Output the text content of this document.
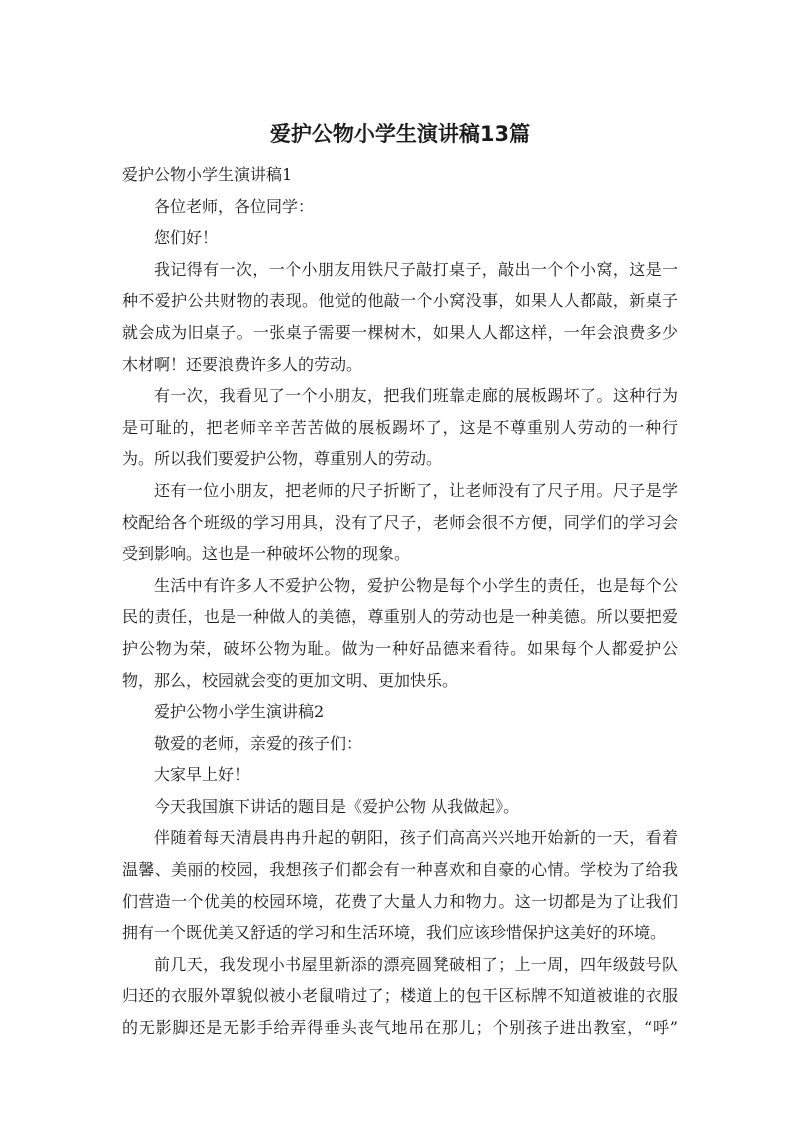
爱护公物小学生演讲稿13篇

爱护公物小学生演讲稿1

各位老师，各位同学：

您们好！

我记得有一次，一个小朋友用铁尺子敲打桌子，敲出一个个小窝，这是一种不爱护公共财物的表现。他觉的他敲一个小窝没事，如果人人都敲，新桌子就会成为旧桌子。一张桌子需要一棵树木，如果人人都这样，一年会浪费多少木材啊！还要浪费许多人的劳动。

有一次，我看见了一个小朋友，把我们班靠走廊的展板踢坏了。这种行为是可耻的，把老师辛辛苦苦做的展板踢坏了，这是不尊重别人劳动的一种行为。所以我们要爱护公物，尊重别人的劳动。

还有一位小朋友，把老师的尺子折断了，让老师没有了尺子用。尺子是学校配给各个班级的学习用具，没有了尺子，老师会很不方便，同学们的学习会受到影响。这也是一种破坏公物的现象。

生活中有许多人不爱护公物，爱护公物是每个小学生的责任，也是每个公民的责任，也是一种做人的美德，尊重别人的劳动也是一种美德。所以要把爱护公物为荣，破坏公物为耻。做为一种好品德来看待。如果每个人都爱护公物，那么，校园就会变的更加文明、更加快乐。

爱护公物小学生演讲稿2

敬爱的老师，亲爱的孩子们：

大家早上好！

今天我国旗下讲话的题目是《爱护公物 从我做起》。

伴随着每天清晨冉冉升起的朝阳，孩子们高高兴兴地开始新的一天，看着温馨、美丽的校园，我想孩子们都会有一种喜欢和自豪的心情。学校为了给我们营造一个优美的校园环境，花费了大量人力和物力。这一切都是为了让我们拥有一个既优美又舒适的学习和生活环境，我们应该珍惜保护这美好的环境。

前几天，我发现小书屋里新添的漂亮圆凳破相了；上一周，四年级鼓号队归还的衣服外罩貌似被小老鼠啃过了；楼道上的包干区标牌不知道被谁的衣服的无影脚还是无影手给弄得垂头丧气地吊在那儿；个别孩子进出教室，“呼”
